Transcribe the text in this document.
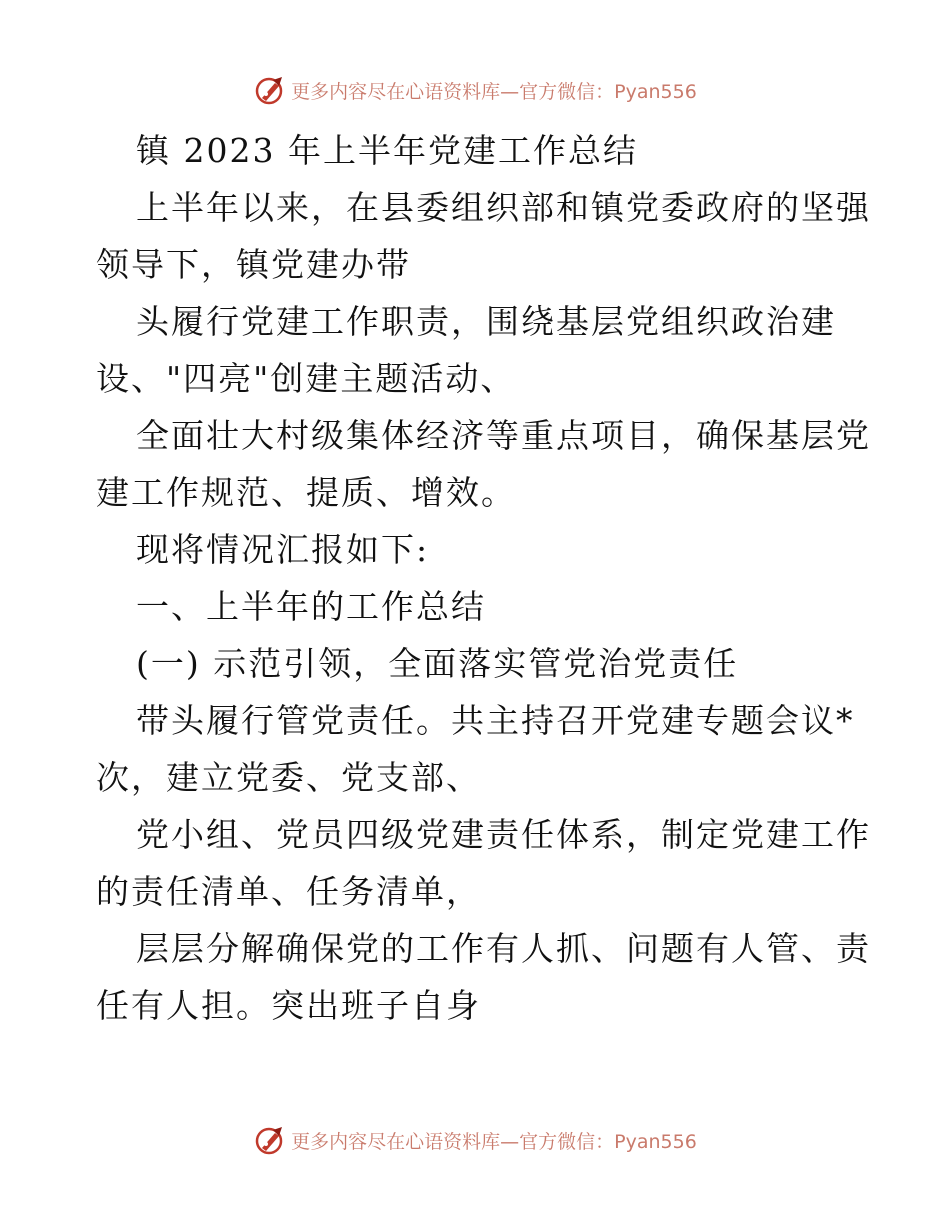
更多内容尽在心语资料库—官方微信：Pyan556
镇 2023 年上半年党建工作总结
上半年以来，在县委组织部和镇党委政府的坚强
领导下，镇党建办带
头履行党建工作职责，围绕基层党组织政治建
设、"四亮"创建主题活动、
全面壮大村级集体经济等重点项目，确保基层党
建工作规范、提质、增效。
现将情况汇报如下:
一、上半年的工作总结
(一) 示范引领，全面落实管党治党责任
带头履行管党责任。共主持召开党建专题会议*
次，建立党委、党支部、
党小组、党员四级党建责任体系，制定党建工作
的责任清单、任务清单，
层层分解确保党的工作有人抓、问题有人管、责
任有人担。突出班子自身
更多内容尽在心语资料库—官方微信：Pyan556
